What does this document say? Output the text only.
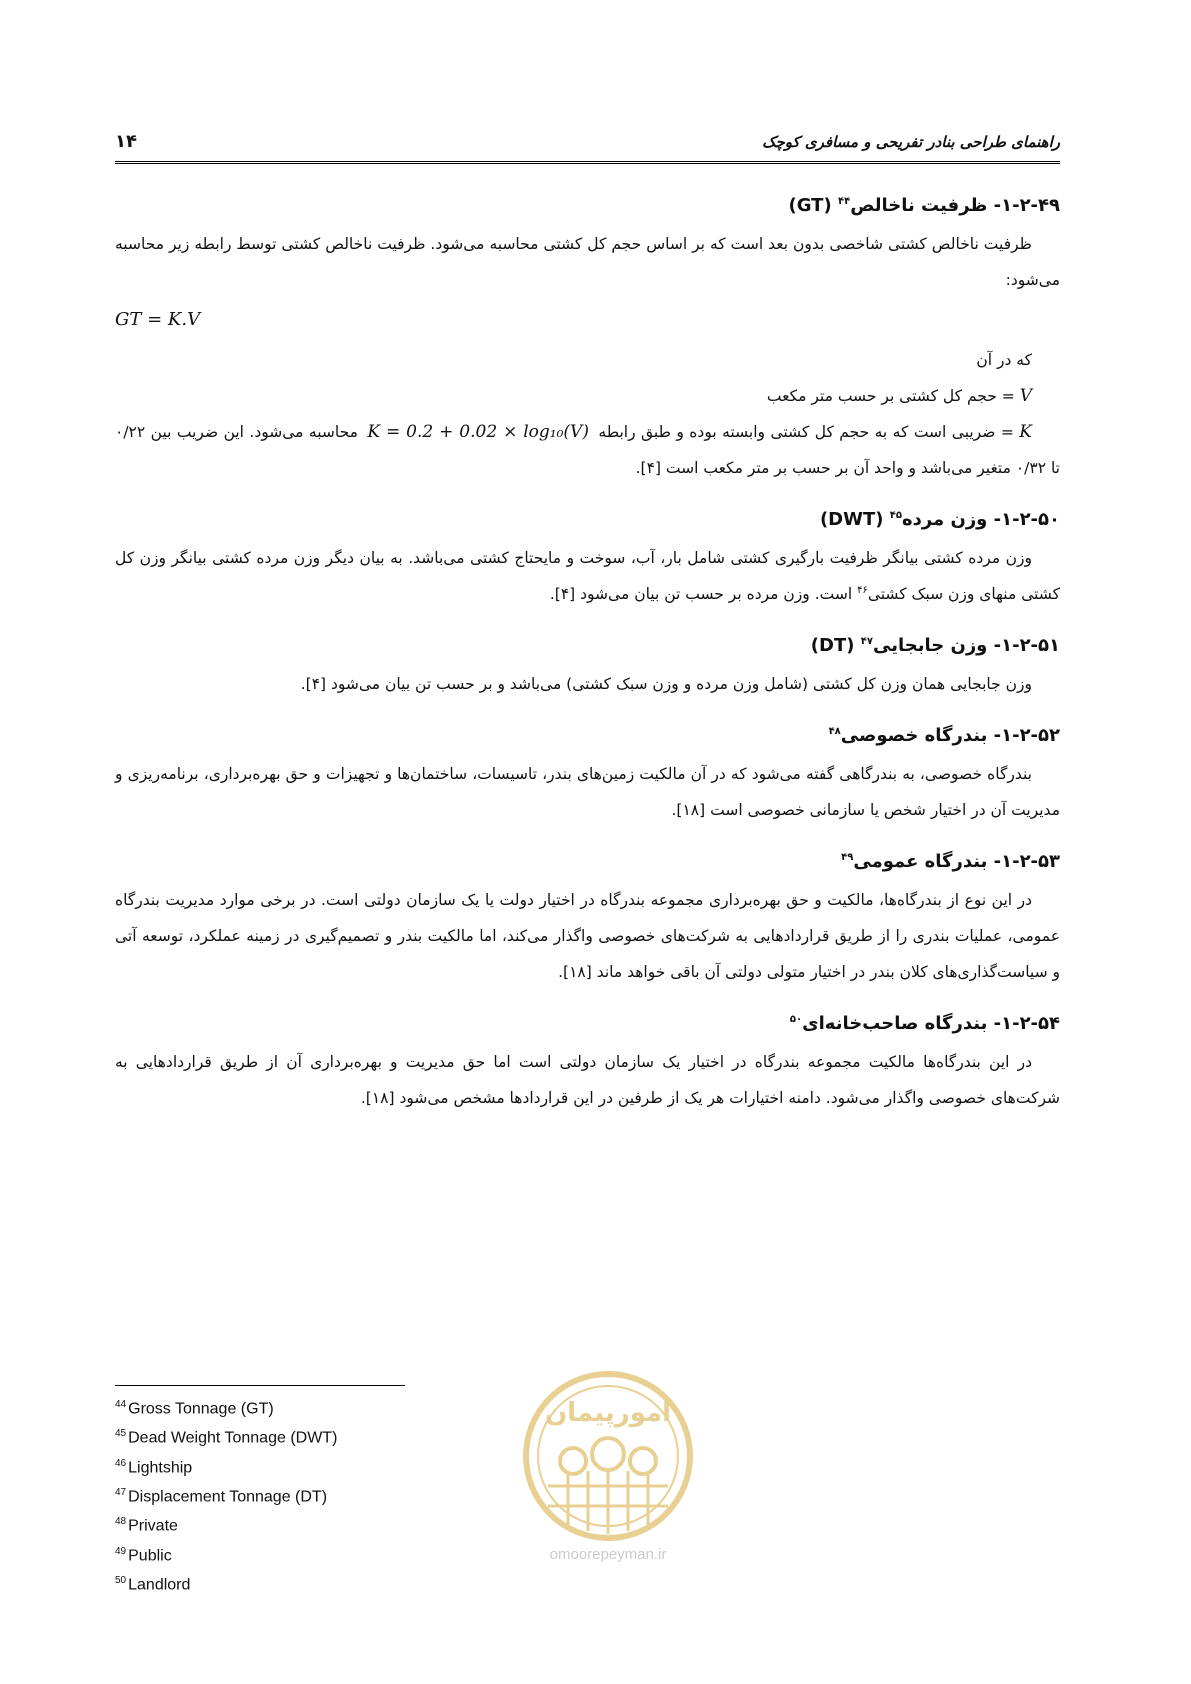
۱۴	راهنمای طراحی بنادر تفریحی و مسافری کوچک

۱-۲-۴۹- ظرفیت ناخالص$^{۴۴}$ (GT)

ظرفیت ناخالص کشتی شاخصی بدون بعد است که بر اساس حجم کل کشتی محاسبه می‌شود. ظرفیت ناخالص کشتی توسط رابطه زیر محاسبه می‌شود:

GT = K.V

که در آن

V = حجم کل کشتی بر حسب متر مکعب

K = ضریبی است که به حجم کل کشتی وابسته بوده و طبق رابطه K = 0.2 + 0.02 × log₁₀(V) محاسبه می‌شود. این ضریب بین ۰/۲۲ تا ۰/۳۲ متغیر می‌باشد و واحد آن بر حسب بر متر مکعب است [۴].

۱-۲-۵۰- وزن مرده$^{۴۵}$ (DWT)

وزن مرده کشتی بیانگر ظرفیت بارگیری کشتی شامل بار، آب، سوخت و مایحتاج کشتی می‌باشد. به بیان دیگر وزن مرده کشتی بیانگر وزن کل کشتی منهای وزن سبک کشتی$^{۴۶}$ است. وزن مرده بر حسب تن بیان می‌شود [۴].

۱-۲-۵۱- وزن جابجایی$^{۴۷}$ (DT)

وزن جابجایی همان وزن کل کشتی (شامل وزن مرده و وزن سبک کشتی) می‌باشد و بر حسب تن بیان می‌شود [۴].

۱-۲-۵۲- بندرگاه خصوصی$^{۴۸}$

بندرگاه خصوصی، به بندرگاهی گفته می‌شود که در آن مالکیت زمین‌های بندر، تاسیسات، ساختمان‌ها و تجهیزات و حق بهره‌برداری، برنامه‌ریزی و مدیریت آن در اختیار شخص یا سازمانی خصوصی است [۱۸].

۱-۲-۵۳- بندرگاه عمومی$^{۴۹}$

در این نوع از بندرگاه‌ها، مالکیت و حق بهره‌برداری مجموعه بندرگاه در اختیار دولت یا یک سازمان دولتی است. در برخی موارد مدیریت بندرگاه عمومی، عملیات بندری را از طریق قراردادهایی به شرکت‌های خصوصی واگذار می‌کند، اما مالکیت بندر و تصمیم‌گیری در زمینه عملکرد، توسعه آتی و سیاست‌گذاری‌های کلان بندر در اختیار متولی دولتی آن باقی خواهد ماند [۱۸].

۱-۲-۵۴- بندرگاه صاحب‌خانه‌ای$^{۵۰}$

در این بندرگاه‌ها مالکیت مجموعه بندرگاه در اختیار یک سازمان دولتی است اما حق مدیریت و بهره‌برداری آن از طریق قراردادهایی به شرکت‌های خصوصی واگذار می‌شود. دامنه اختیارات هر یک از طرفین در این قراردادها مشخص می‌شود [۱۸].

$^{44}$ Gross Tonnage (GT)
$^{45}$ Dead Weight Tonnage (DWT)
$^{46}$ Lightship
$^{47}$ Displacement Tonnage (DT)
$^{48}$ Private
$^{49}$ Public
$^{50}$ Landlord
امورپیمان
omoorepeyman.ir
